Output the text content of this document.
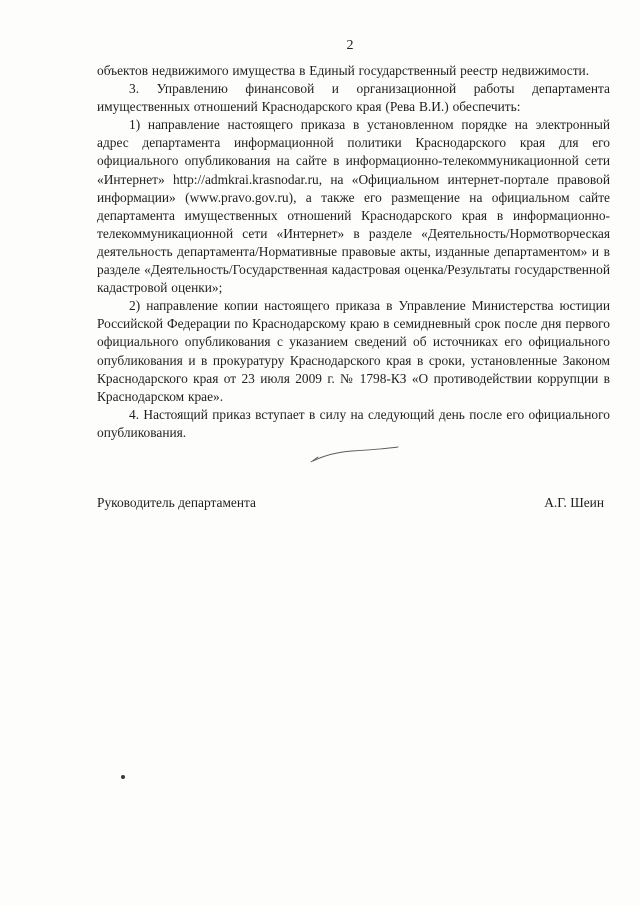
2

объектов недвижимого имущества в Единый государственный реестр недвижимости.

3. Управлению финансовой и организационной работы департамента имущественных отношений Краснодарского края (Рева В.И.) обеспечить:

1) направление настоящего приказа в установленном порядке на электронный адрес департамента информационной политики Краснодарского края для его официального опубликования на сайте в информационно-телекоммуникационной сети «Интернет» http://admkrai.krasnodar.ru, на «Официальном интернет-портале правовой информации» (www.pravo.gov.ru), а также его размещение на официальном сайте департамента имущественных отношений Краснодарского края в информационно-телекоммуникационной сети «Интернет» в разделе «Деятельность/Нормотворческая деятельность департамента/Нормативные правовые акты, изданные департаментом» и в разделе «Деятельность/Государственная кадастровая оценка/Результаты государственной кадастровой оценки»;

2) направление копии настоящего приказа в Управление Министерства юстиции Российской Федерации по Краснодарскому краю в семидневный срок после дня первого официального опубликования с указанием сведений об источниках его официального опубликования и в прокуратуру Краснодарского края в сроки, установленные Законом Краснодарского края от 23 июля 2009 г. № 1798-КЗ «О противодействии коррупции в Краснодарском крае».

4. Настоящий приказ вступает в силу на следующий день после его официального опубликования.

Руководитель департамента	А.Г. Шеин
